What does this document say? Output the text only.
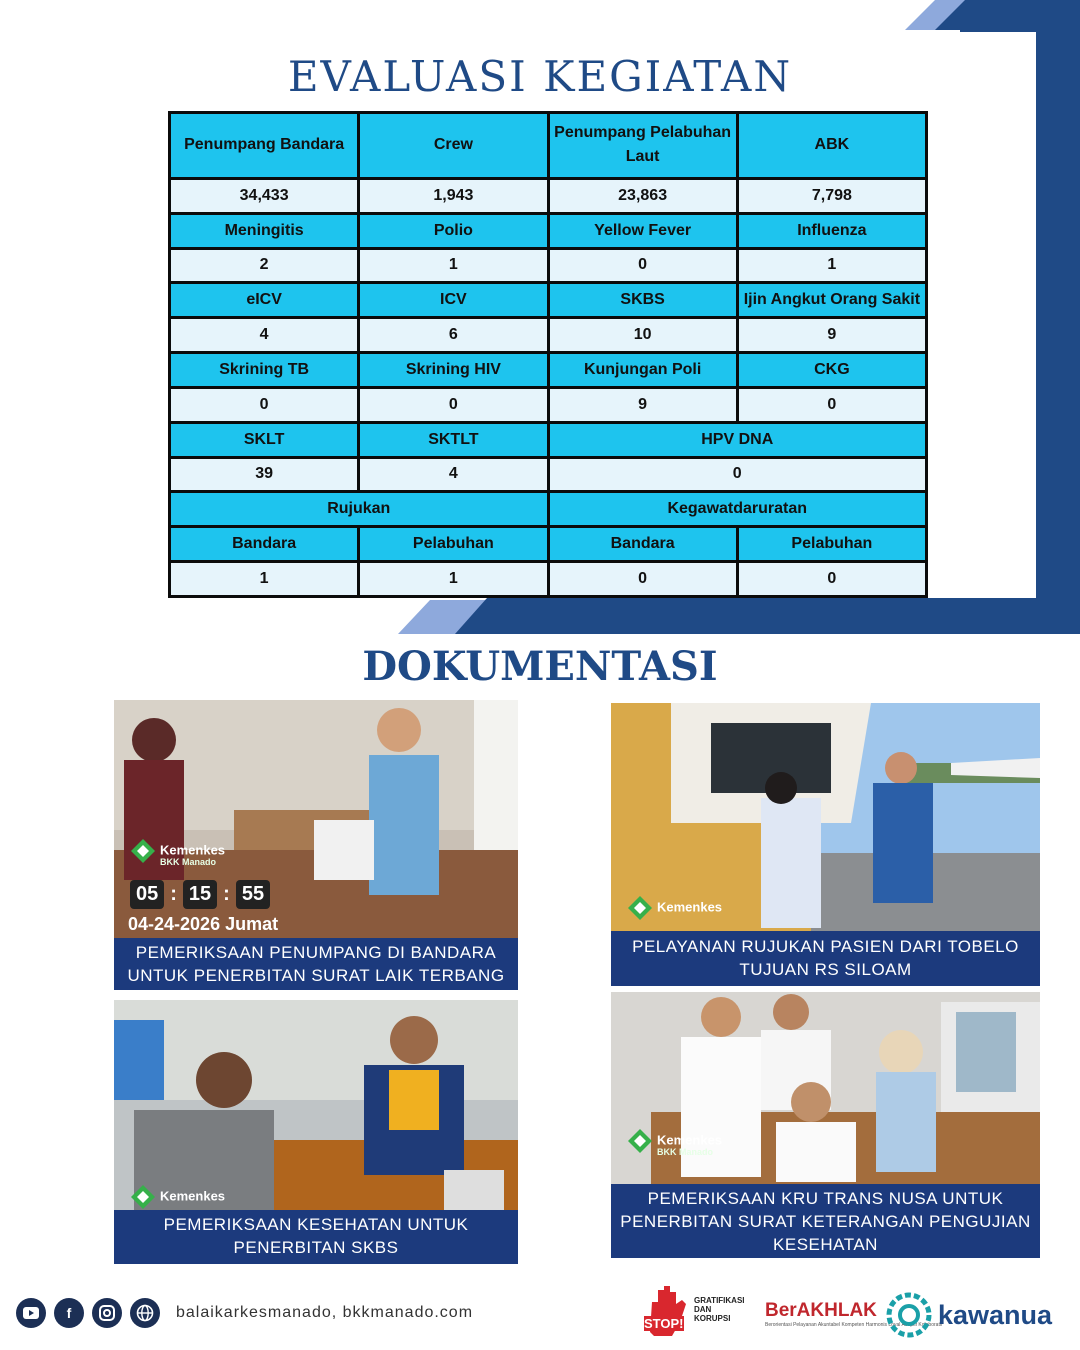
EVALUASI KEGIATAN
Penumpang Bandara	Crew	Penumpang Pelabuhan Laut	ABK
34,433	1,943	23,863	7,798
Meningitis	Polio	Yellow Fever	Influenza
2	1	0	1
eICV	ICV	SKBS	Ijin Angkut Orang Sakit
4	6	10	9
Skrining TB	Skrining HIV	Kunjungan Poli	CKG
0	0	9	0
SKLT	SKTLT	HPV DNA	
39	4	0	
Rujukan		Kegawatdaruratan	
Bandara	Pelabuhan	Bandara	Pelabuhan
1	1	0	0
DOKUMENTASI
Kemenkes
BKK Manado
05 : 15 : 55
04-24-2026 Jumat
PEMERIKSAAN PENUMPANG DI BANDARA
UNTUK PENERBITAN SURAT LAIK TERBANG
Kemenkes
PELAYANAN RUJUKAN PASIEN DARI TOBELO
TUJUAN RS SILOAM
Kemenkes
PEMERIKSAAN KESEHATAN UNTUK
PENERBITAN SKBS
Kemenkes
BKK Manado
PEMERIKSAAN KRU TRANS NUSA UNTUK
PENERBITAN SURAT KETERANGAN PENGUJIAN
KESEHATAN
f	balaikarkesmanado, bkkmanado.com
STOP!
GRATIFIKASI
DAN
KORUPSI	BerAKHLAK
Berorientasi Pelayanan Akuntabel Kompeten Harmonis Loyal Adaptif Kolaboratif
kawanua
